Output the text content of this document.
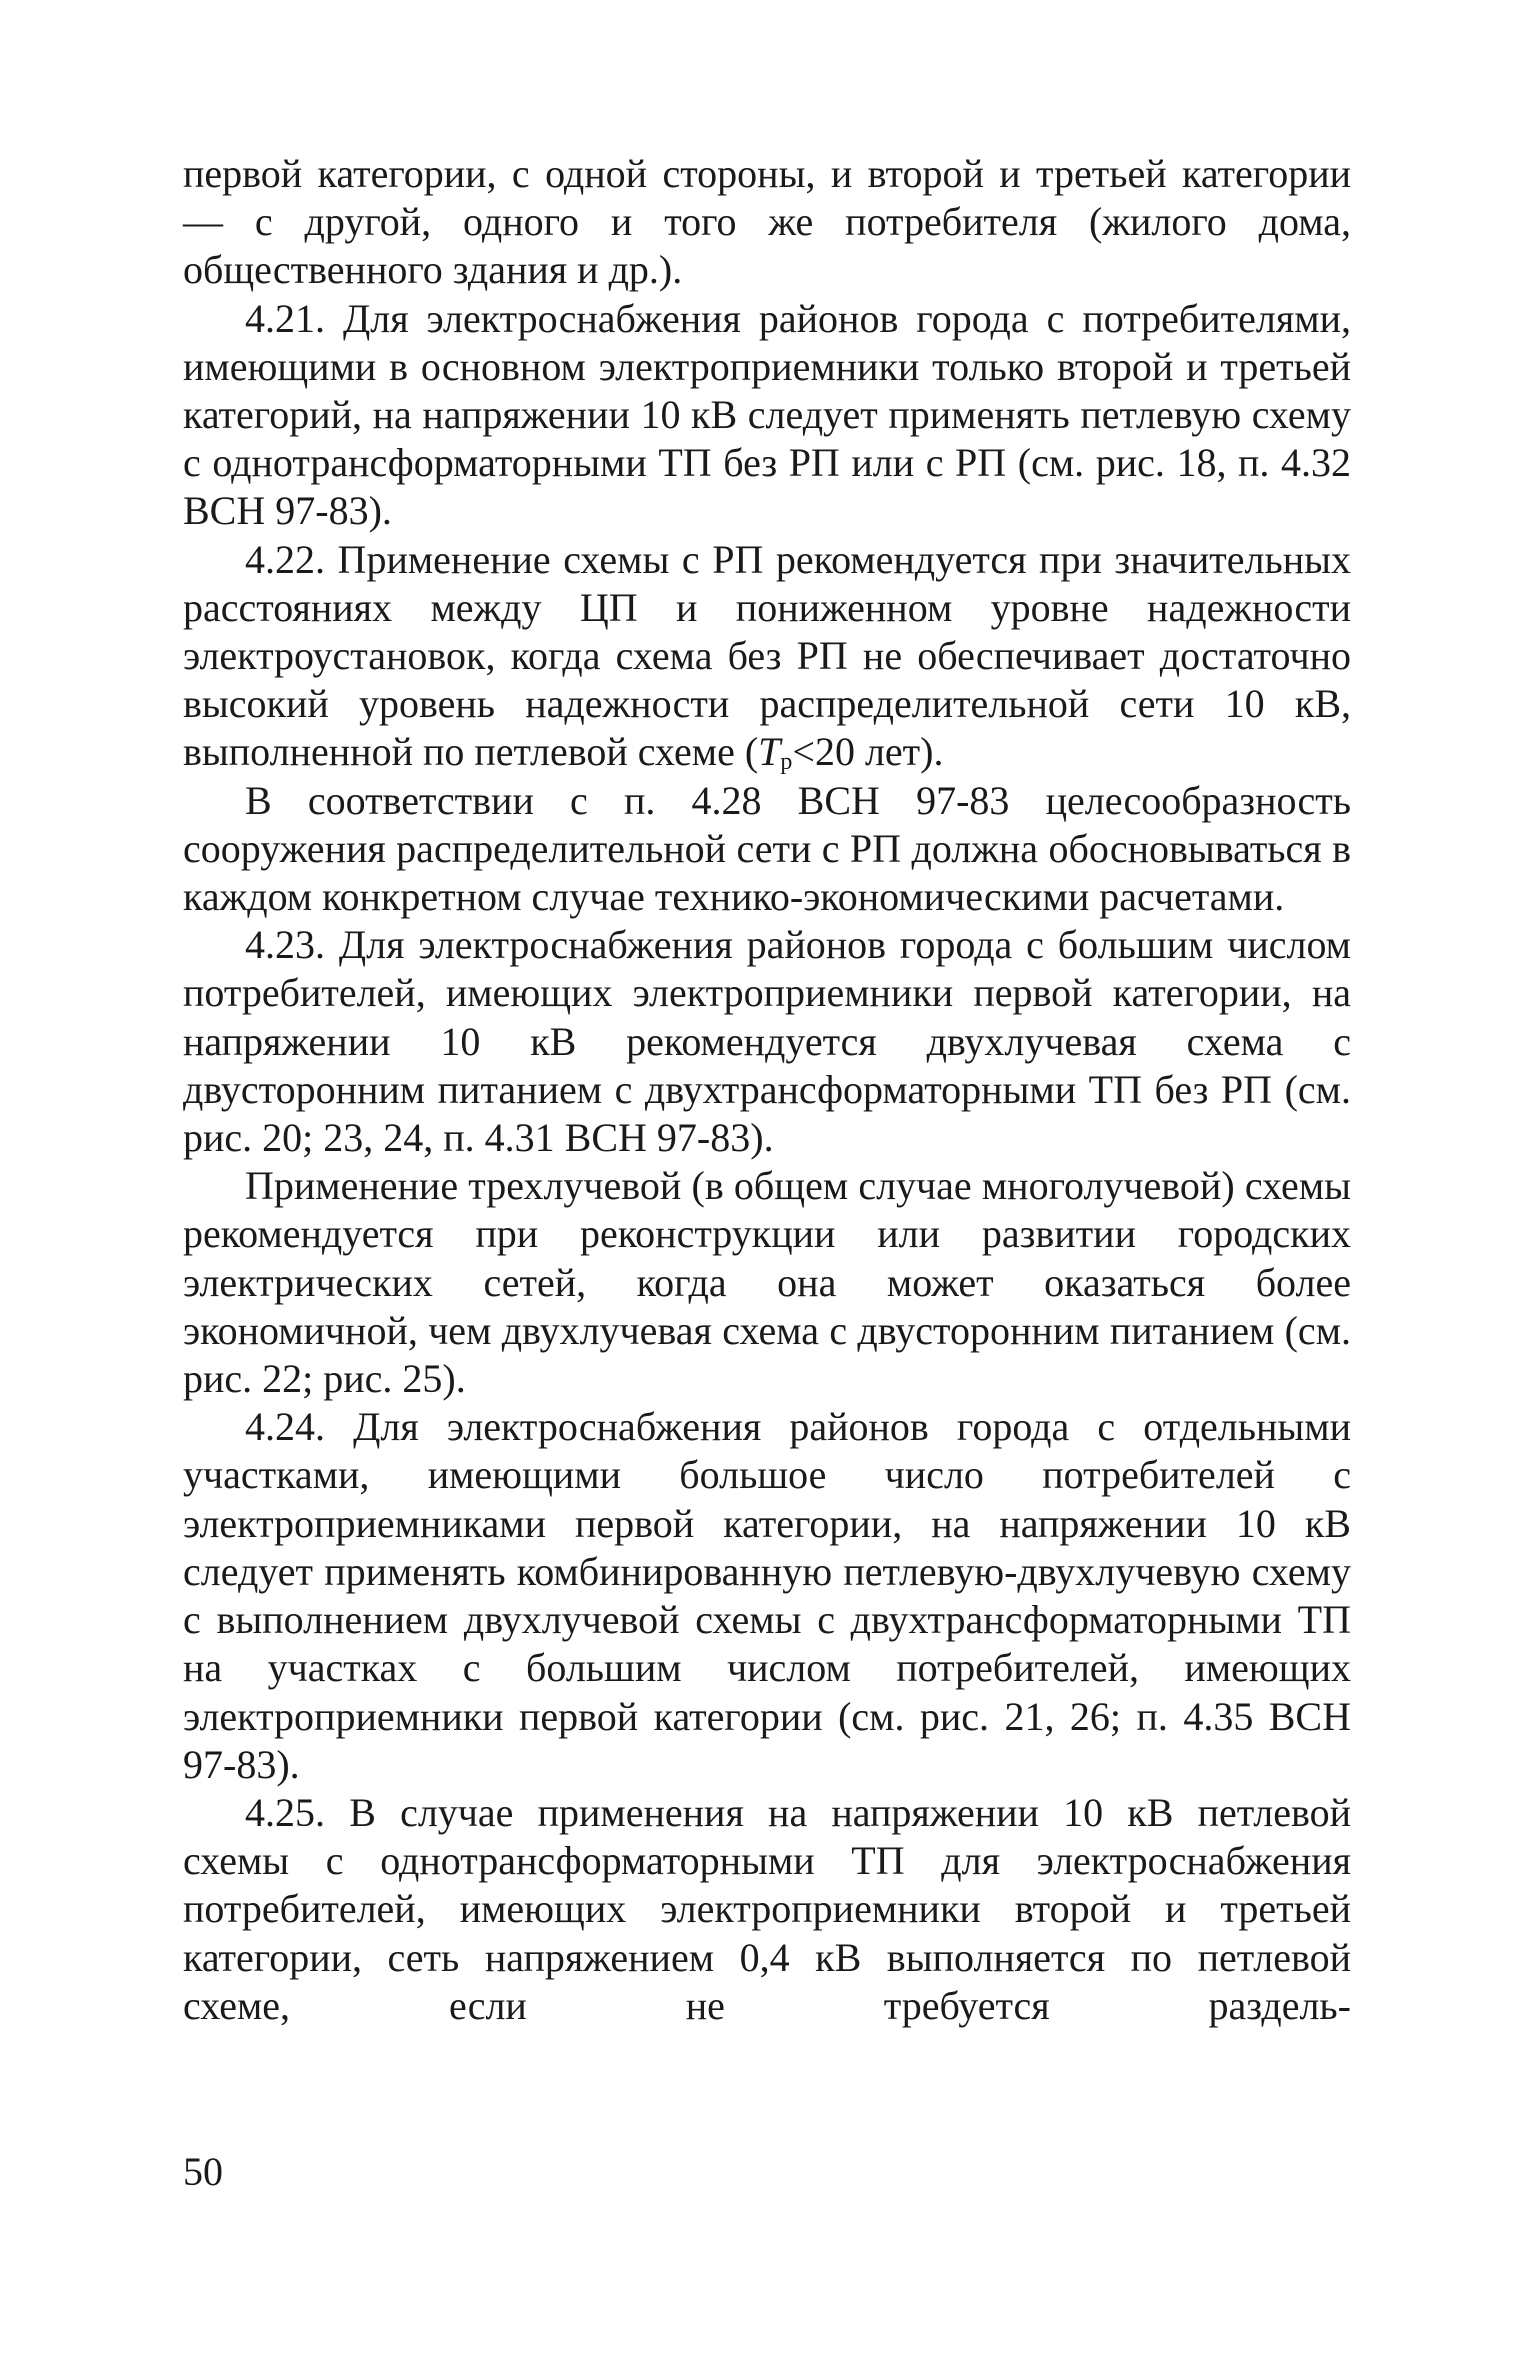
первой категории, с одной стороны, и второй и третьей категории — с другой, одного и того же потребителя (жилого дома, общественного здания и др.).

4.21. Для электроснабжения районов города с потребителями, имеющими в основном электроприемники только второй и третьей категорий, на напряжении 10 кВ следует применять петлевую схему с однотрансформаторными ТП без РП или с РП (см. рис. 18, п. 4.32 ВСН 97-83).

4.22. Применение схемы с РП рекомендуется при значительных расстояниях между ЦП и пониженном уровне надежности электроустановок, когда схема без РП не обеспечивает достаточно высокий уровень надежности распределительной сети 10 кВ, выполненной по петлевой схеме ($T_р<20$ лет).

В соответствии с п. 4.28 ВСН 97-83 целесообразность сооружения распределительной сети с РП должна обосновываться в каждом конкретном случае технико-экономическими расчетами.

4.23. Для электроснабжения районов города с большим числом потребителей, имеющих электроприемники первой категории, на напряжении 10 кВ рекомендуется двухлучевая схема с двусторонним питанием с двухтрансформаторными ТП без РП (см. рис. 20; 23, 24, п. 4.31 ВСН 97-83).

Применение трехлучевой (в общем случае многолучевой) схемы рекомендуется при реконструкции или развитии городских электрических сетей, когда она может оказаться более экономичной, чем двухлучевая схема с двусторонним питанием (см. рис. 22; рис. 25).

4.24. Для электроснабжения районов города с отдельными участками, имеющими большое число потребителей с электроприемниками первой категории, на напряжении 10 кВ следует применять комбинированную петлевую-двухлучевую схему с выполнением двухлучевой схемы с двухтрансформаторными ТП на участках с большим числом потребителей, имеющих электроприемники первой категории (см. рис. 21, 26; п. 4.35 ВСН 97-83).

4.25. В случае применения на напряжении 10 кВ петлевой схемы с однотрансформаторными ТП для электроснабжения потребителей, имеющих электроприемники второй и третьей категории, сеть напряжением 0,4 кВ выполняется по петлевой схеме, если не требуется раздель-

50
